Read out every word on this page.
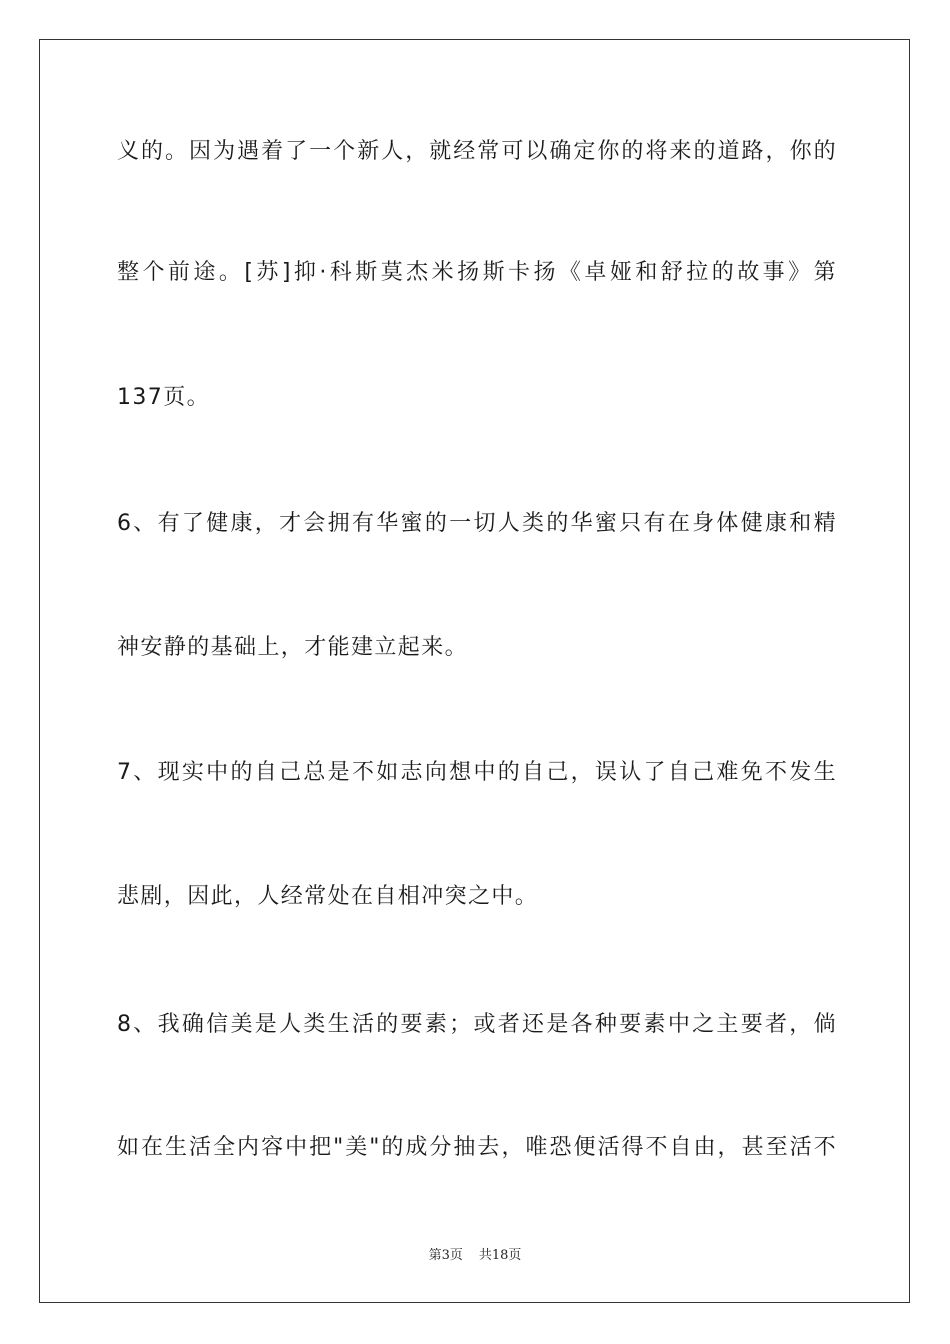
义的。因为遇着了一个新人，就经常可以确定你的将来的道路，你的
整个前途。[苏]抑·科斯莫杰米扬斯卡扬《卓娅和舒拉的故事》第
137页。
6、有了健康，才会拥有华蜜的一切人类的华蜜只有在身体健康和精
神安静的基础上，才能建立起来。
7、现实中的自己总是不如志向想中的自己，误认了自己难免不发生
悲剧，因此，人经常处在自相冲突之中。
8、我确信美是人类生活的要素；或者还是各种要素中之主要者，倘
如在生活全内容中把"美"的成分抽去，唯恐便活得不自由，甚至活不
第3页 共18页
